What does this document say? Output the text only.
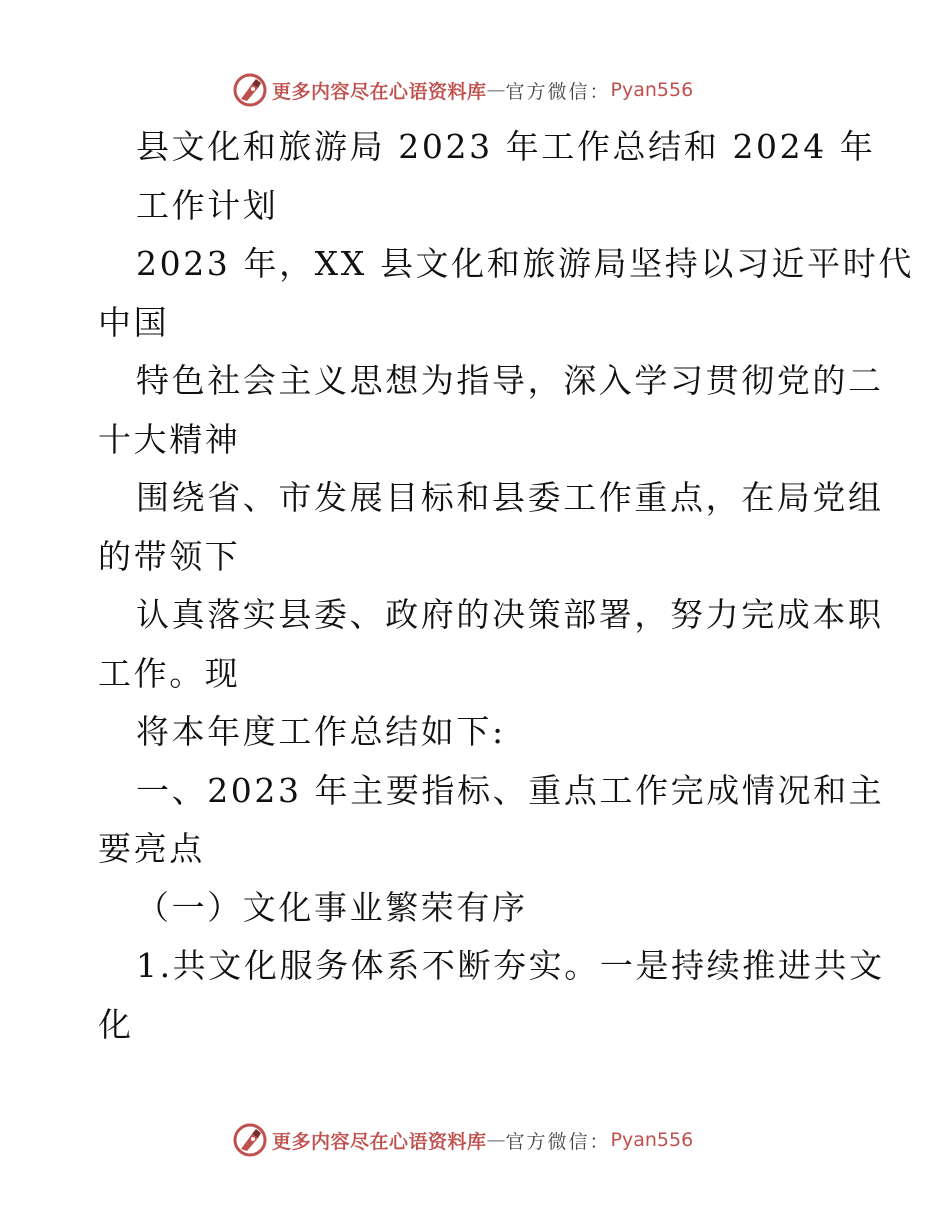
更多内容尽在心语资料库 — 官方微信： Pyan556
县文化和旅游局 2023 年工作总结和 2024 年
工作计划
2023 年，XX 县文化和旅游局坚持以习近平时代
中国
特色社会主义思想为指导，深入学习贯彻党的二
十大精神
围绕省、市发展目标和县委工作重点，在局党组
的带领下
认真落实县委、政府的决策部署，努力完成本职
工作。现
将本年度工作总结如下:
一、2023 年主要指标、重点工作完成情况和主
要亮点
（一）文化事业繁荣有序
1.共文化服务体系不断夯实。一是持续推进共文
化
更多内容尽在心语资料库 — 官方微信： Pyan556
